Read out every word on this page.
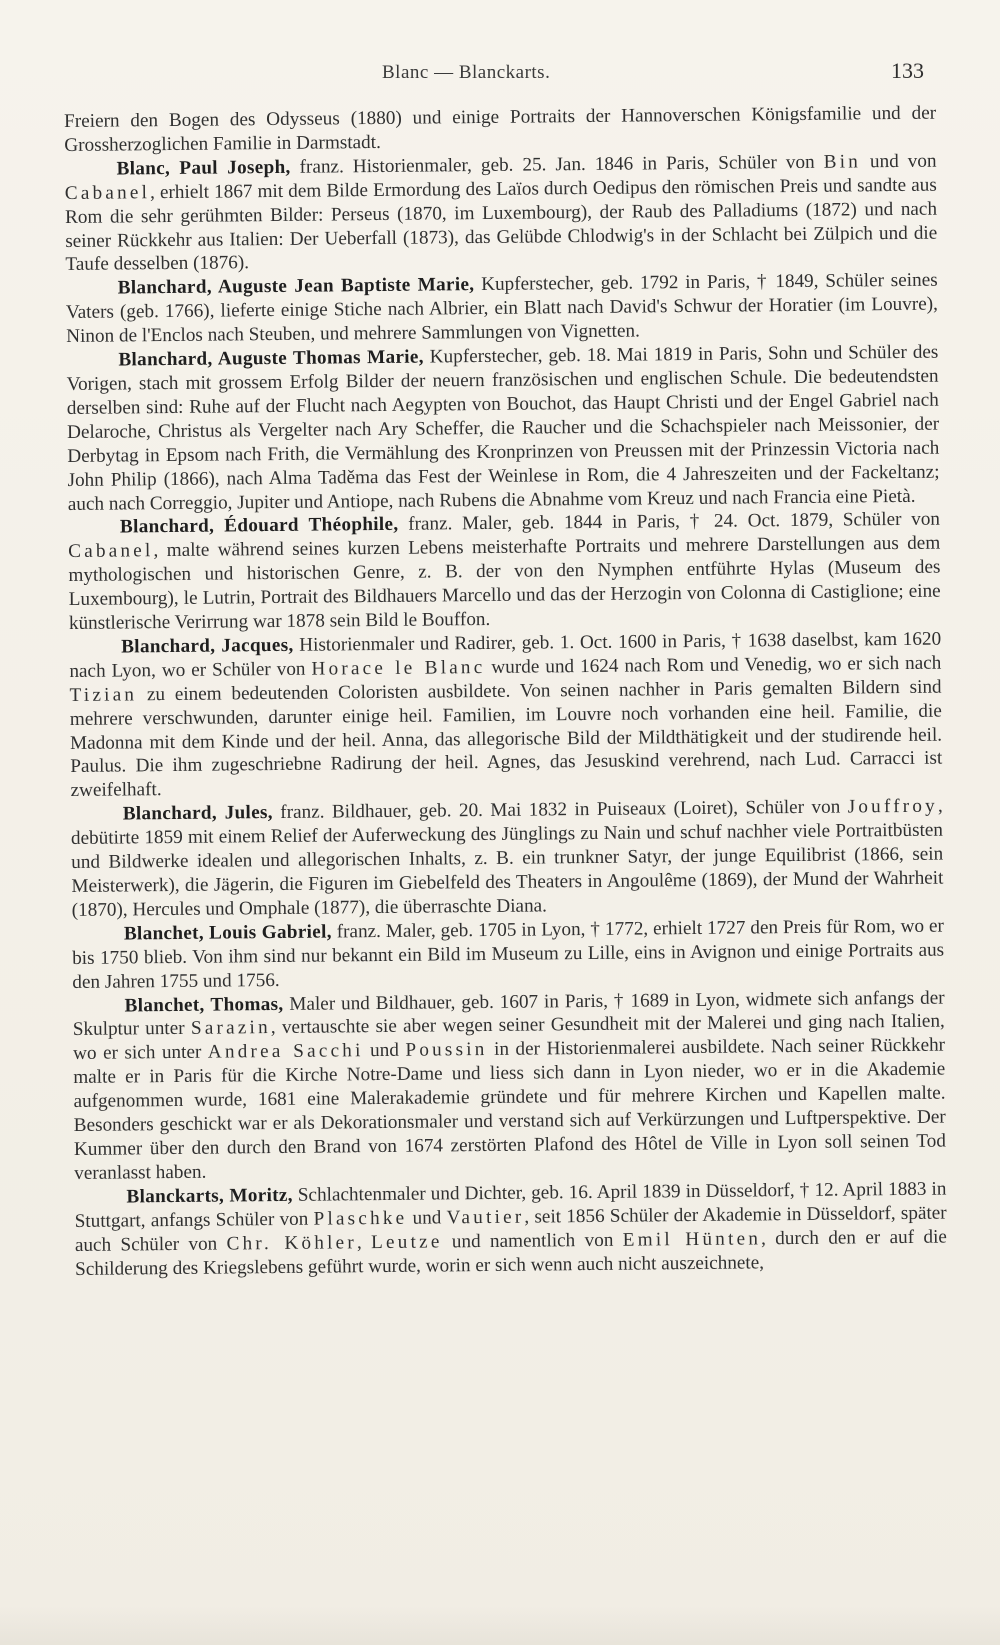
Blanc — Blanckarts.	133

Freiern den Bogen des Odysseus (1880) und einige Portraits der Hannoverschen Königsfamilie und der Grossherzoglichen Familie in Darmstadt.

Blanc, Paul Joseph, franz. Historienmaler, geb. 25. Jan. 1846 in Paris, Schüler von Bin und von Cabanel, erhielt 1867 mit dem Bilde Ermordung des Laïos durch Oedipus den römischen Preis und sandte aus Rom die sehr gerühmten Bilder: Perseus (1870, im Luxembourg), der Raub des Palladiums (1872) und nach seiner Rückkehr aus Italien: Der Ueberfall (1873), das Gelübde Chlodwig's in der Schlacht bei Zülpich und die Taufe desselben (1876).

Blanchard, Auguste Jean Baptiste Marie, Kupferstecher, geb. 1792 in Paris, † 1849, Schüler seines Vaters (geb. 1766), lieferte einige Stiche nach Albrier, ein Blatt nach David's Schwur der Horatier (im Louvre), Ninon de l'Enclos nach Steuben, und mehrere Sammlungen von Vignetten.

Blanchard, Auguste Thomas Marie, Kupferstecher, geb. 18. Mai 1819 in Paris, Sohn und Schüler des Vorigen, stach mit grossem Erfolg Bilder der neuern französischen und englischen Schule. Die bedeutendsten derselben sind: Ruhe auf der Flucht nach Aegypten von Bouchot, das Haupt Christi und der Engel Gabriel nach Delaroche, Christus als Vergelter nach Ary Scheffer, die Raucher und die Schachspieler nach Meissonier, der Derbytag in Epsom nach Frith, die Vermählung des Kronprinzen von Preussen mit der Prinzessin Victoria nach John Philip (1866), nach Alma Taděma das Fest der Weinlese in Rom, die 4 Jahreszeiten und der Fackeltanz; auch nach Correggio, Jupiter und Antiope, nach Rubens die Abnahme vom Kreuz und nach Francia eine Pietà.

Blanchard, Édouard Théophile, franz. Maler, geb. 1844 in Paris, † 24. Oct. 1879, Schüler von Cabanel, malte während seines kurzen Lebens meisterhafte Portraits und mehrere Darstellungen aus dem mythologischen und historischen Genre, z. B. der von den Nymphen entführte Hylas (Museum des Luxembourg), le Lutrin, Portrait des Bildhauers Marcello und das der Herzogin von Colonna di Castiglione; eine künstlerische Verirrung war 1878 sein Bild le Bouffon.

Blanchard, Jacques, Historienmaler und Radirer, geb. 1. Oct. 1600 in Paris, † 1638 daselbst, kam 1620 nach Lyon, wo er Schüler von Horace le Blanc wurde und 1624 nach Rom und Venedig, wo er sich nach Tizian zu einem bedeutenden Coloristen ausbildete. Von seinen nachher in Paris gemalten Bildern sind mehrere verschwunden, darunter einige heil. Familien, im Louvre noch vorhanden eine heil. Familie, die Madonna mit dem Kinde und der heil. Anna, das allegorische Bild der Mildthätigkeit und der studirende heil. Paulus. Die ihm zugeschriebne Radirung der heil. Agnes, das Jesuskind verehrend, nach Lud. Carracci ist zweifelhaft.

Blanchard, Jules, franz. Bildhauer, geb. 20. Mai 1832 in Puiseaux (Loiret), Schüler von Jouffroy, debütirte 1859 mit einem Relief der Auferweckung des Jünglings zu Nain und schuf nachher viele Portraitbüsten und Bildwerke idealen und allegorischen Inhalts, z. B. ein trunkner Satyr, der junge Equilibrist (1866, sein Meisterwerk), die Jägerin, die Figuren im Giebelfeld des Theaters in Angoulême (1869), der Mund der Wahrheit (1870), Hercules und Omphale (1877), die überraschte Diana.

Blanchet, Louis Gabriel, franz. Maler, geb. 1705 in Lyon, † 1772, erhielt 1727 den Preis für Rom, wo er bis 1750 blieb. Von ihm sind nur bekannt ein Bild im Museum zu Lille, eins in Avignon und einige Portraits aus den Jahren 1755 und 1756.

Blanchet, Thomas, Maler und Bildhauer, geb. 1607 in Paris, † 1689 in Lyon, widmete sich anfangs der Skulptur unter Sarazin, vertauschte sie aber wegen seiner Gesundheit mit der Malerei und ging nach Italien, wo er sich unter Andrea Sacchi und Poussin in der Historienmalerei ausbildete. Nach seiner Rückkehr malte er in Paris für die Kirche Notre-Dame und liess sich dann in Lyon nieder, wo er in die Akademie aufgenommen wurde, 1681 eine Malerakademie gründete und für mehrere Kirchen und Kapellen malte. Besonders geschickt war er als Dekorationsmaler und verstand sich auf Verkürzungen und Luftperspektive. Der Kummer über den durch den Brand von 1674 zerstörten Plafond des Hôtel de Ville in Lyon soll seinen Tod veranlasst haben.

Blanckarts, Moritz, Schlachtenmaler und Dichter, geb. 16. April 1839 in Düsseldorf, † 12. April 1883 in Stuttgart, anfangs Schüler von Plaschke und Vautier, seit 1856 Schüler der Akademie in Düsseldorf, später auch Schüler von Chr. Köhler, Leutze und namentlich von Emil Hünten, durch den er auf die Schilderung des Kriegslebens geführt wurde, worin er sich wenn auch nicht auszeichnete,
